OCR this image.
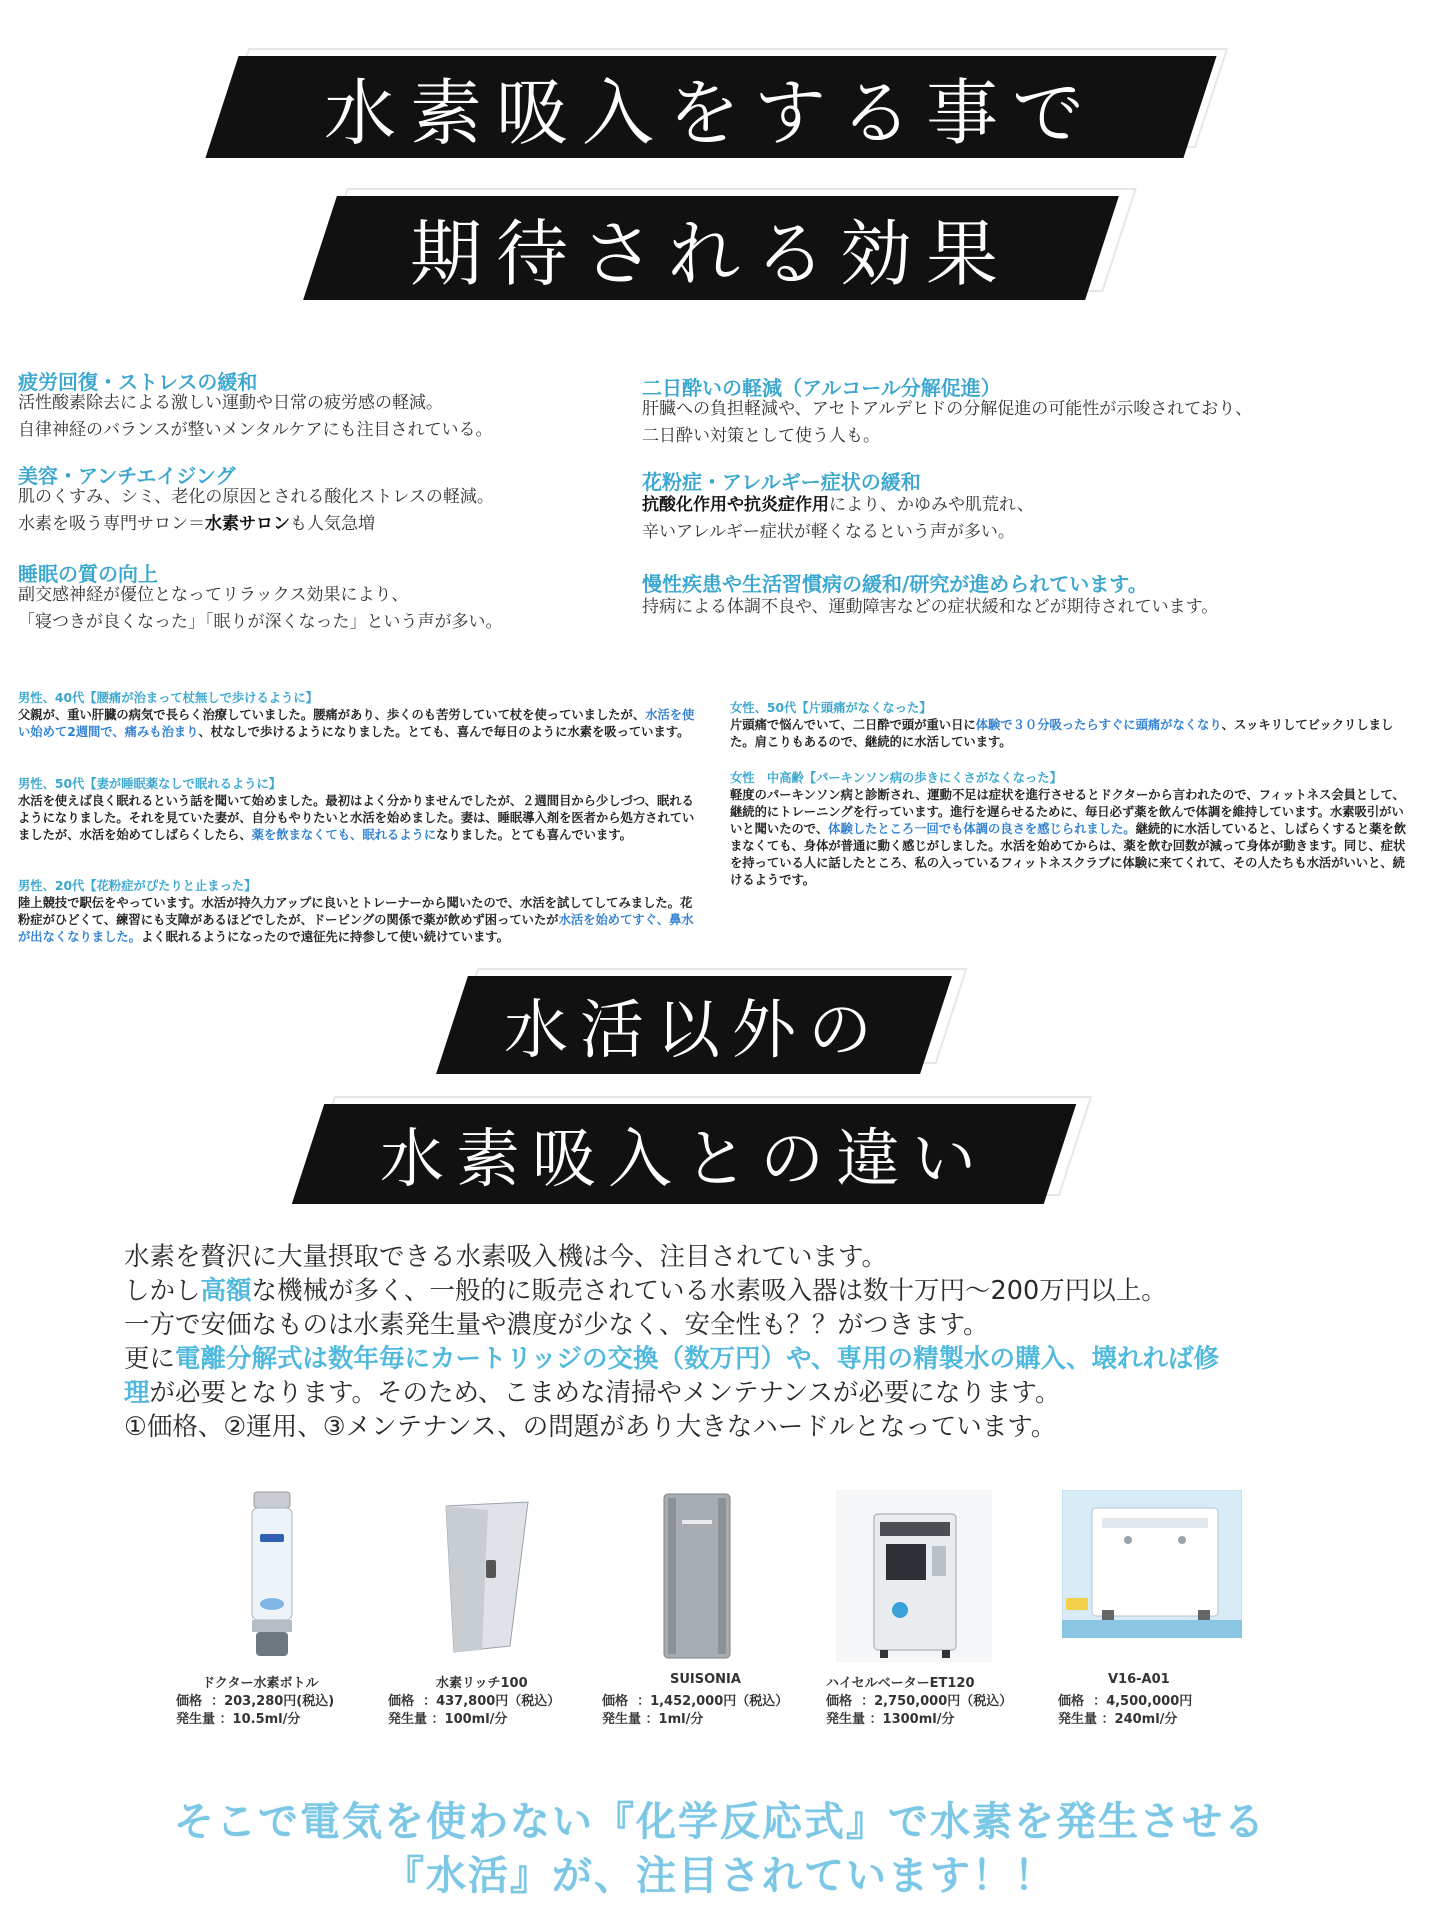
水素吸入をする事で
期待される効果
疲労回復・ストレスの緩和
活性酸素除去による激しい運動や日常の疲労感の軽減。
自律神経のバランスが整いメンタルケアにも注目されている。
美容・アンチエイジング
肌のくすみ、シミ、老化の原因とされる酸化ストレスの軽減。
水素を吸う専門サロン＝水素サロンも人気急増
睡眠の質の向上
副交感神経が優位となってリラックス効果により、
「寝つきが良くなった」「眠りが深くなった」という声が多い。
二日酔いの軽減（アルコール分解促進）
肝臓への負担軽減や、アセトアルデヒドの分解促進の可能性が示唆されており、
二日酔い対策として使う人も。
花粉症・アレルギー症状の緩和
抗酸化作用や抗炎症作用により、かゆみや肌荒れ、
辛いアレルギー症状が軽くなるという声が多い。
慢性疾患や生活習慣病の緩和/研究が進められています。
持病による体調不良や、運動障害などの症状緩和などが期待されています。
男性、40代【腰痛が治まって杖無しで歩けるように】
父親が、重い肝臓の病気で長らく治療していました。腰痛があり、歩くのも苦労していて杖を使っていましたが、水活を使い始めて2週間で、痛みも治まり、杖なしで歩けるようになりました。とても、喜んで毎日のように水素を吸っています。
男性、50代【妻が睡眠薬なしで眠れるように】
水活を使えば良く眠れるという話を聞いて始めました。最初はよく分かりませんでしたが、２週間目から少しづつ、眠れるようになりました。それを見ていた妻が、自分もやりたいと水活を始めました。妻は、睡眠導入剤を医者から処方されていましたが、水活を始めてしばらくしたら、薬を飲まなくても、眠れるようになりました。とても喜んでいます。
男性、20代【花粉症がぴたりと止まった】
陸上競技で駅伝をやっています。水活が持久力アップに良いとトレーナーから聞いたので、水活を試してしてみました。花粉症がひどくて、練習にも支障があるほどでしたが、ドーピングの関係で薬が飲めず困っていたが水活を始めてすぐ、鼻水が出なくなりました。よく眠れるようになったので遠征先に持参して使い続けています。
女性、50代【片頭痛がなくなった】
片頭痛で悩んでいて、二日酔で頭が重い日に体験で３０分吸ったらすぐに頭痛がなくなり、スッキリしてビックリしました。肩こりもあるので、継続的に水活しています。
女性　中高齢【パーキンソン病の歩きにくさがなくなった】
軽度のパーキンソン病と診断され、運動不足は症状を進行させるとドクターから言われたので、フィットネス会員として、継続的にトレーニングを行っています。進行を遅らせるために、毎日必ず薬を飲んで体調を維持しています。水素吸引がいいと聞いたので、体験したところ一回でも体調の良さを感じられました。継続的に水活していると、しばらくすると薬を飲まなくても、身体が普通に動く感じがしました。水活を始めてからは、薬を飲む回数が減って身体が動きます。同じ、症状を持っている人に話したところ、私の入っているフィットネスクラブに体験に来てくれて、その人たちも水活がいいと、続けるようです。
水活以外の
水素吸入との違い
水素を贅沢に大量摂取できる水素吸入機は今、注目されています。
しかし高額な機械が多く、一般的に販売されている水素吸入器は数十万円～200万円以上。
一方で安価なものは水素発生量や濃度が少なく、安全性も？？がつきます。
更に電離分解式は数年毎にカートリッジの交換（数万円）や、専用の精製水の購入、壊れれば修
理が必要となります。そのため、こまめな清掃やメンテナンスが必要になります。
①価格、②運用、③メンテナンス、の問題があり大きなハードルとなっています。
ドクター水素ボトル
価格 ：203,280円(税込)
発生量 ：10.5ml/分
水素リッチ100
価格 ：437,800円（税込）
発生量 ：100ml/分
SUISONIA
価格 ：1,452,000円（税込）
発生量 ：1ml/分
ハイセルベーターET120
価格 ：2,750,000円（税込）
発生量 ：1300ml/分
V16-A01
価格 ：4,500,000円
発生量 ：240ml/分
そこで電気を使わない『化学反応式』で水素を発生させる
『水活』が、注目されています！！
